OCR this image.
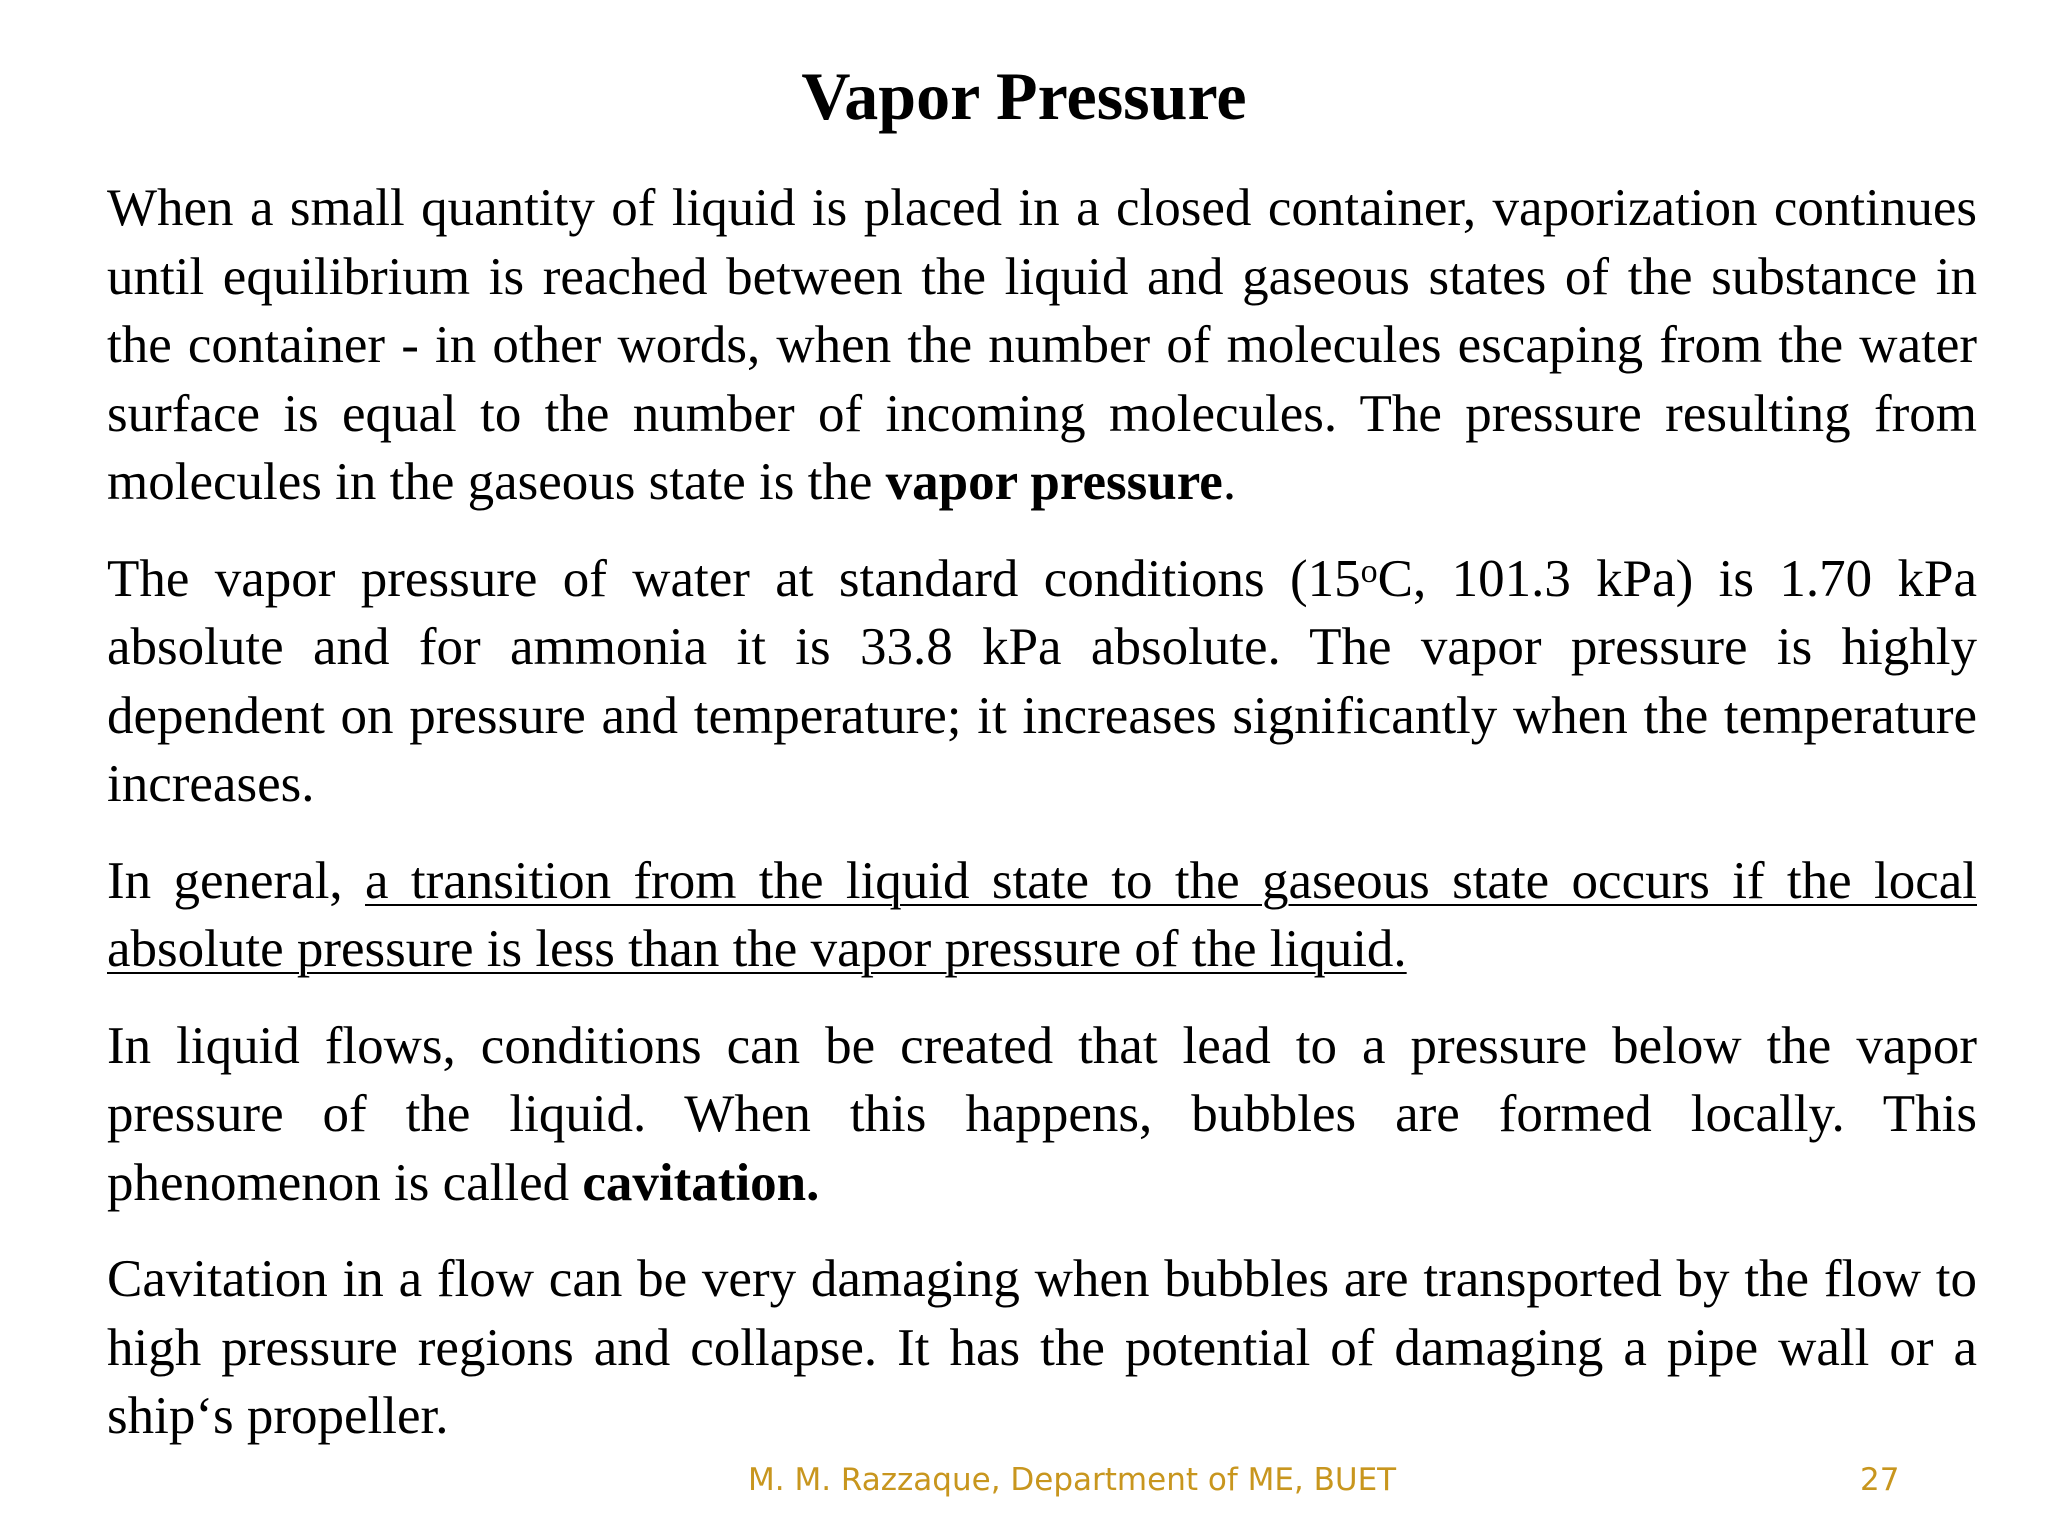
Vapor Pressure

When a small quantity of liquid is placed in a closed container, vaporization continues until equilibrium is reached between the liquid and gaseous states of the substance in the container - in other words, when the number of molecules escaping from the water surface is equal to the number of incoming molecules. The pressure resulting from molecules in the gaseous state is the vapor pressure.

The vapor pressure of water at standard conditions (15$^o$C, 101.3 kPa) is 1.70 kPa absolute and for ammonia it is 33.8 kPa absolute. The vapor pressure is highly dependent on pressure and temperature; it increases significantly when the temperature increases.

In general, a transition from the liquid state to the gaseous state occurs if the local absolute pressure is less than the vapor pressure of the liquid.

In liquid flows, conditions can be created that lead to a pressure below the vapor pressure of the liquid. When this happens, bubbles are formed locally. This phenomenon is called cavitation.

Cavitation in a flow can be very damaging when bubbles are transported by the flow to high pressure regions and collapse. It has the potential of damaging a pipe wall or a ship‘s propeller.

M. M. Razzaque, Department of ME, BUET	27
